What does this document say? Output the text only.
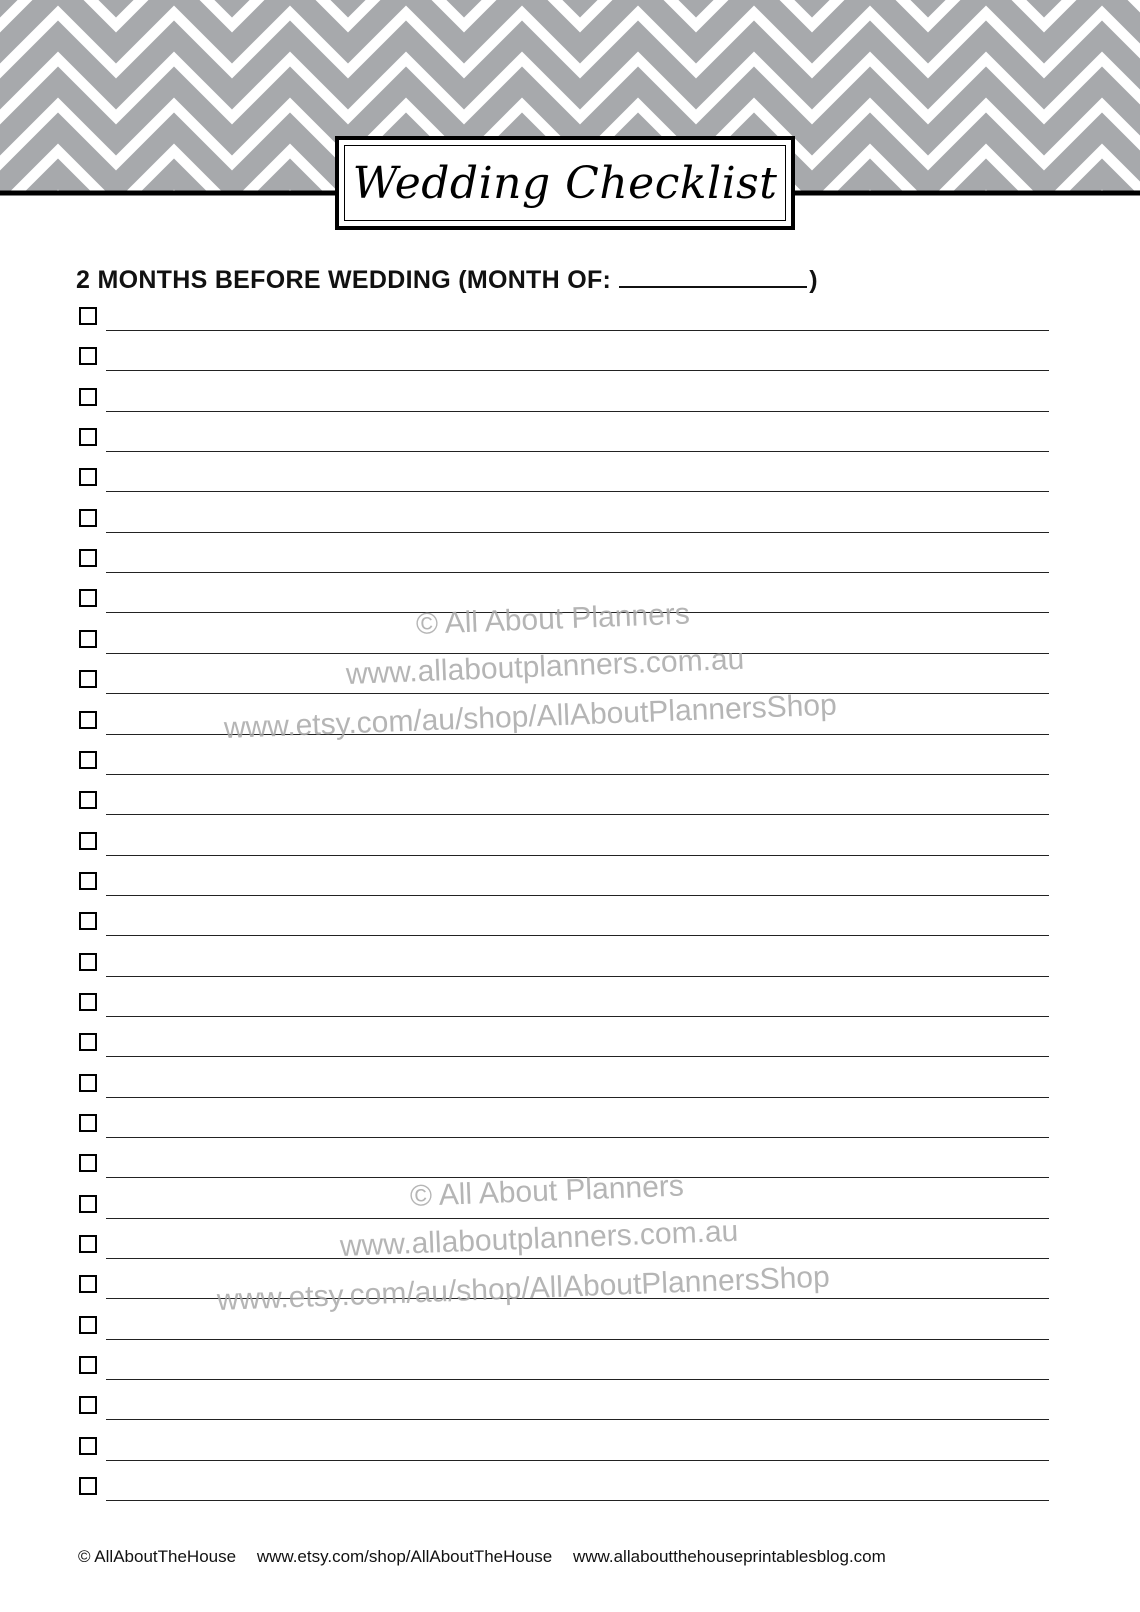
Wedding Checklist
2 MONTHS BEFORE WEDDING (MONTH OF:	)
© All About Planners
www.allaboutplanners.com.au
www.etsy.com/au/shop/AllAboutPlannersShop
© All About Planners
www.allaboutplanners.com.au
www.etsy.com/au/shop/AllAboutPlannersShop
© AllAboutTheHouse www.etsy.com/shop/AllAboutTheHouse www.allaboutthehouseprintablesblog.com
